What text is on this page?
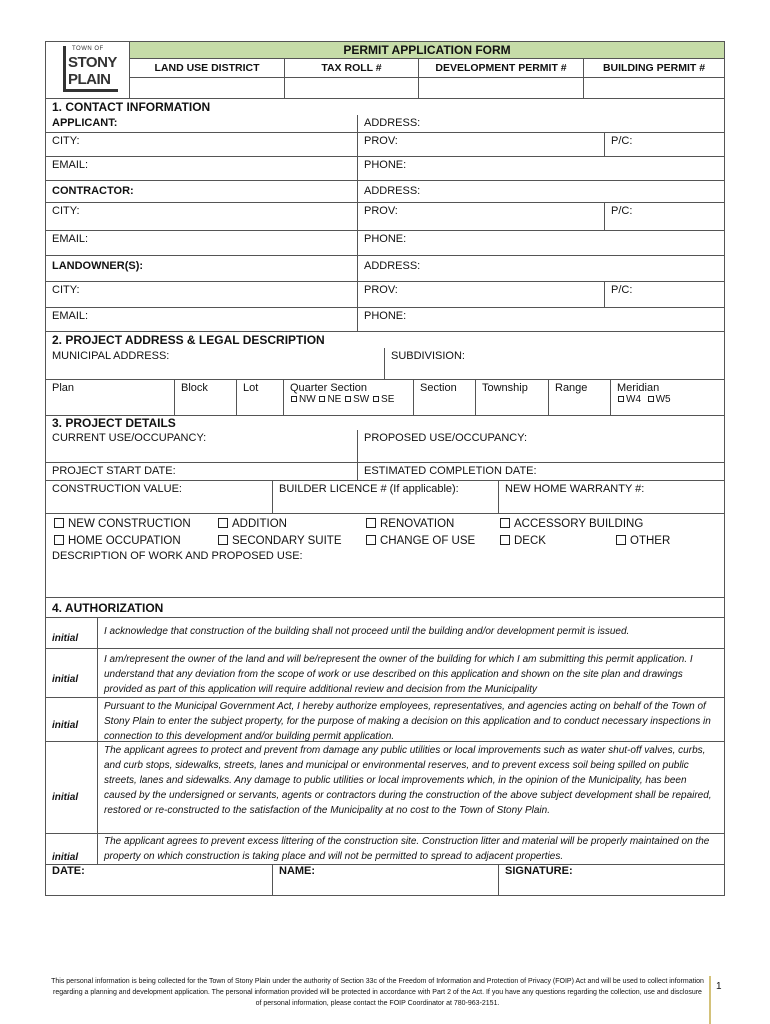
TOWN OF
STONY
PLAIN
PERMIT APPLICATION FORM
LAND USE DISTRICT	TAX ROLL #	DEVELOPMENT PERMIT #	BUILDING PERMIT #
1. CONTACT INFORMATION
APPLICANT:	ADDRESS:
CITY:	PROV:	P/C:
EMAIL:	PHONE:
CONTRACTOR:	ADDRESS:
CITY:	PROV:	P/C:
EMAIL:	PHONE:
LANDOWNER(S):	ADDRESS:
CITY:	PROV:	P/C:
EMAIL:	PHONE:
2. PROJECT ADDRESS & LEGAL DESCRIPTION
MUNICIPAL ADDRESS:	SUBDIVISION:
Plan	Block	Lot	Quarter Section
NW NE SW SE
Section	Township	Range	Meridian
W4 W5
3. PROJECT DETAILS
CURRENT USE/OCCUPANCY:	PROPOSED USE/OCCUPANCY:
PROJECT START DATE:	ESTIMATED COMPLETION DATE:
CONSTRUCTION VALUE:	BUILDER LICENCE # (If applicable):	NEW HOME WARRANTY #:
NEW CONSTRUCTION	ADDITION	RENOVATION	ACCESSORY BUILDING
HOME OCCUPATION	SECONDARY SUITE	CHANGE OF USE	DECK	OTHER
DESCRIPTION OF WORK AND PROPOSED USE:
4. AUTHORIZATION
initial
I acknowledge that construction of the building shall not proceed until the building and/or development permit is issued.
initial
I am/represent the owner of the land and will be/represent the owner of the building for which I am submitting this permit application. I understand that any deviation from the scope of work or use described on this application and shown on the site plan and drawings provided as part of this application will require additional review and decision from the Municipality
initial
Pursuant to the Municipal Government Act, I hereby authorize employees, representatives, and agencies acting on behalf of the Town of Stony Plain to enter the subject property, for the purpose of making a decision on this application and to conduct necessary inspections in connection to this development and/or building permit application.
initial
The applicant agrees to protect and prevent from damage any public utilities or local improvements such as water shut-off valves, curbs, and curb stops, sidewalks, streets, lanes and municipal or environmental reserves, and to prevent excess soil being spilled on public streets, lanes and sidewalks. Any damage to public utilities or local improvements which, in the opinion of the Municipality, has been caused by the undersigned or servants, agents or contractors during the construction of the above subject development shall be repaired, restored or re-constructed to the satisfaction of the Municipality at no cost to the Town of Stony Plain.
initial
The applicant agrees to prevent excess littering of the construction site. Construction litter and material will be properly maintained on the property on which construction is taking place and will not be permitted to spread to adjacent properties.
DATE:	NAME:	SIGNATURE:
This personal information is being collected for the Town of Stony Plain under the authority of Section 33c of the Freedom of Information and Protection of Privacy (FOIP) Act and will be used to collect information regarding a planning and development application. The personal information provided will be protected in accordance with Part 2 of the Act. If you have any questions regarding the collection, use and disclosure of personal information, please contact the FOIP Coordinator at 780-963-2151.
1
